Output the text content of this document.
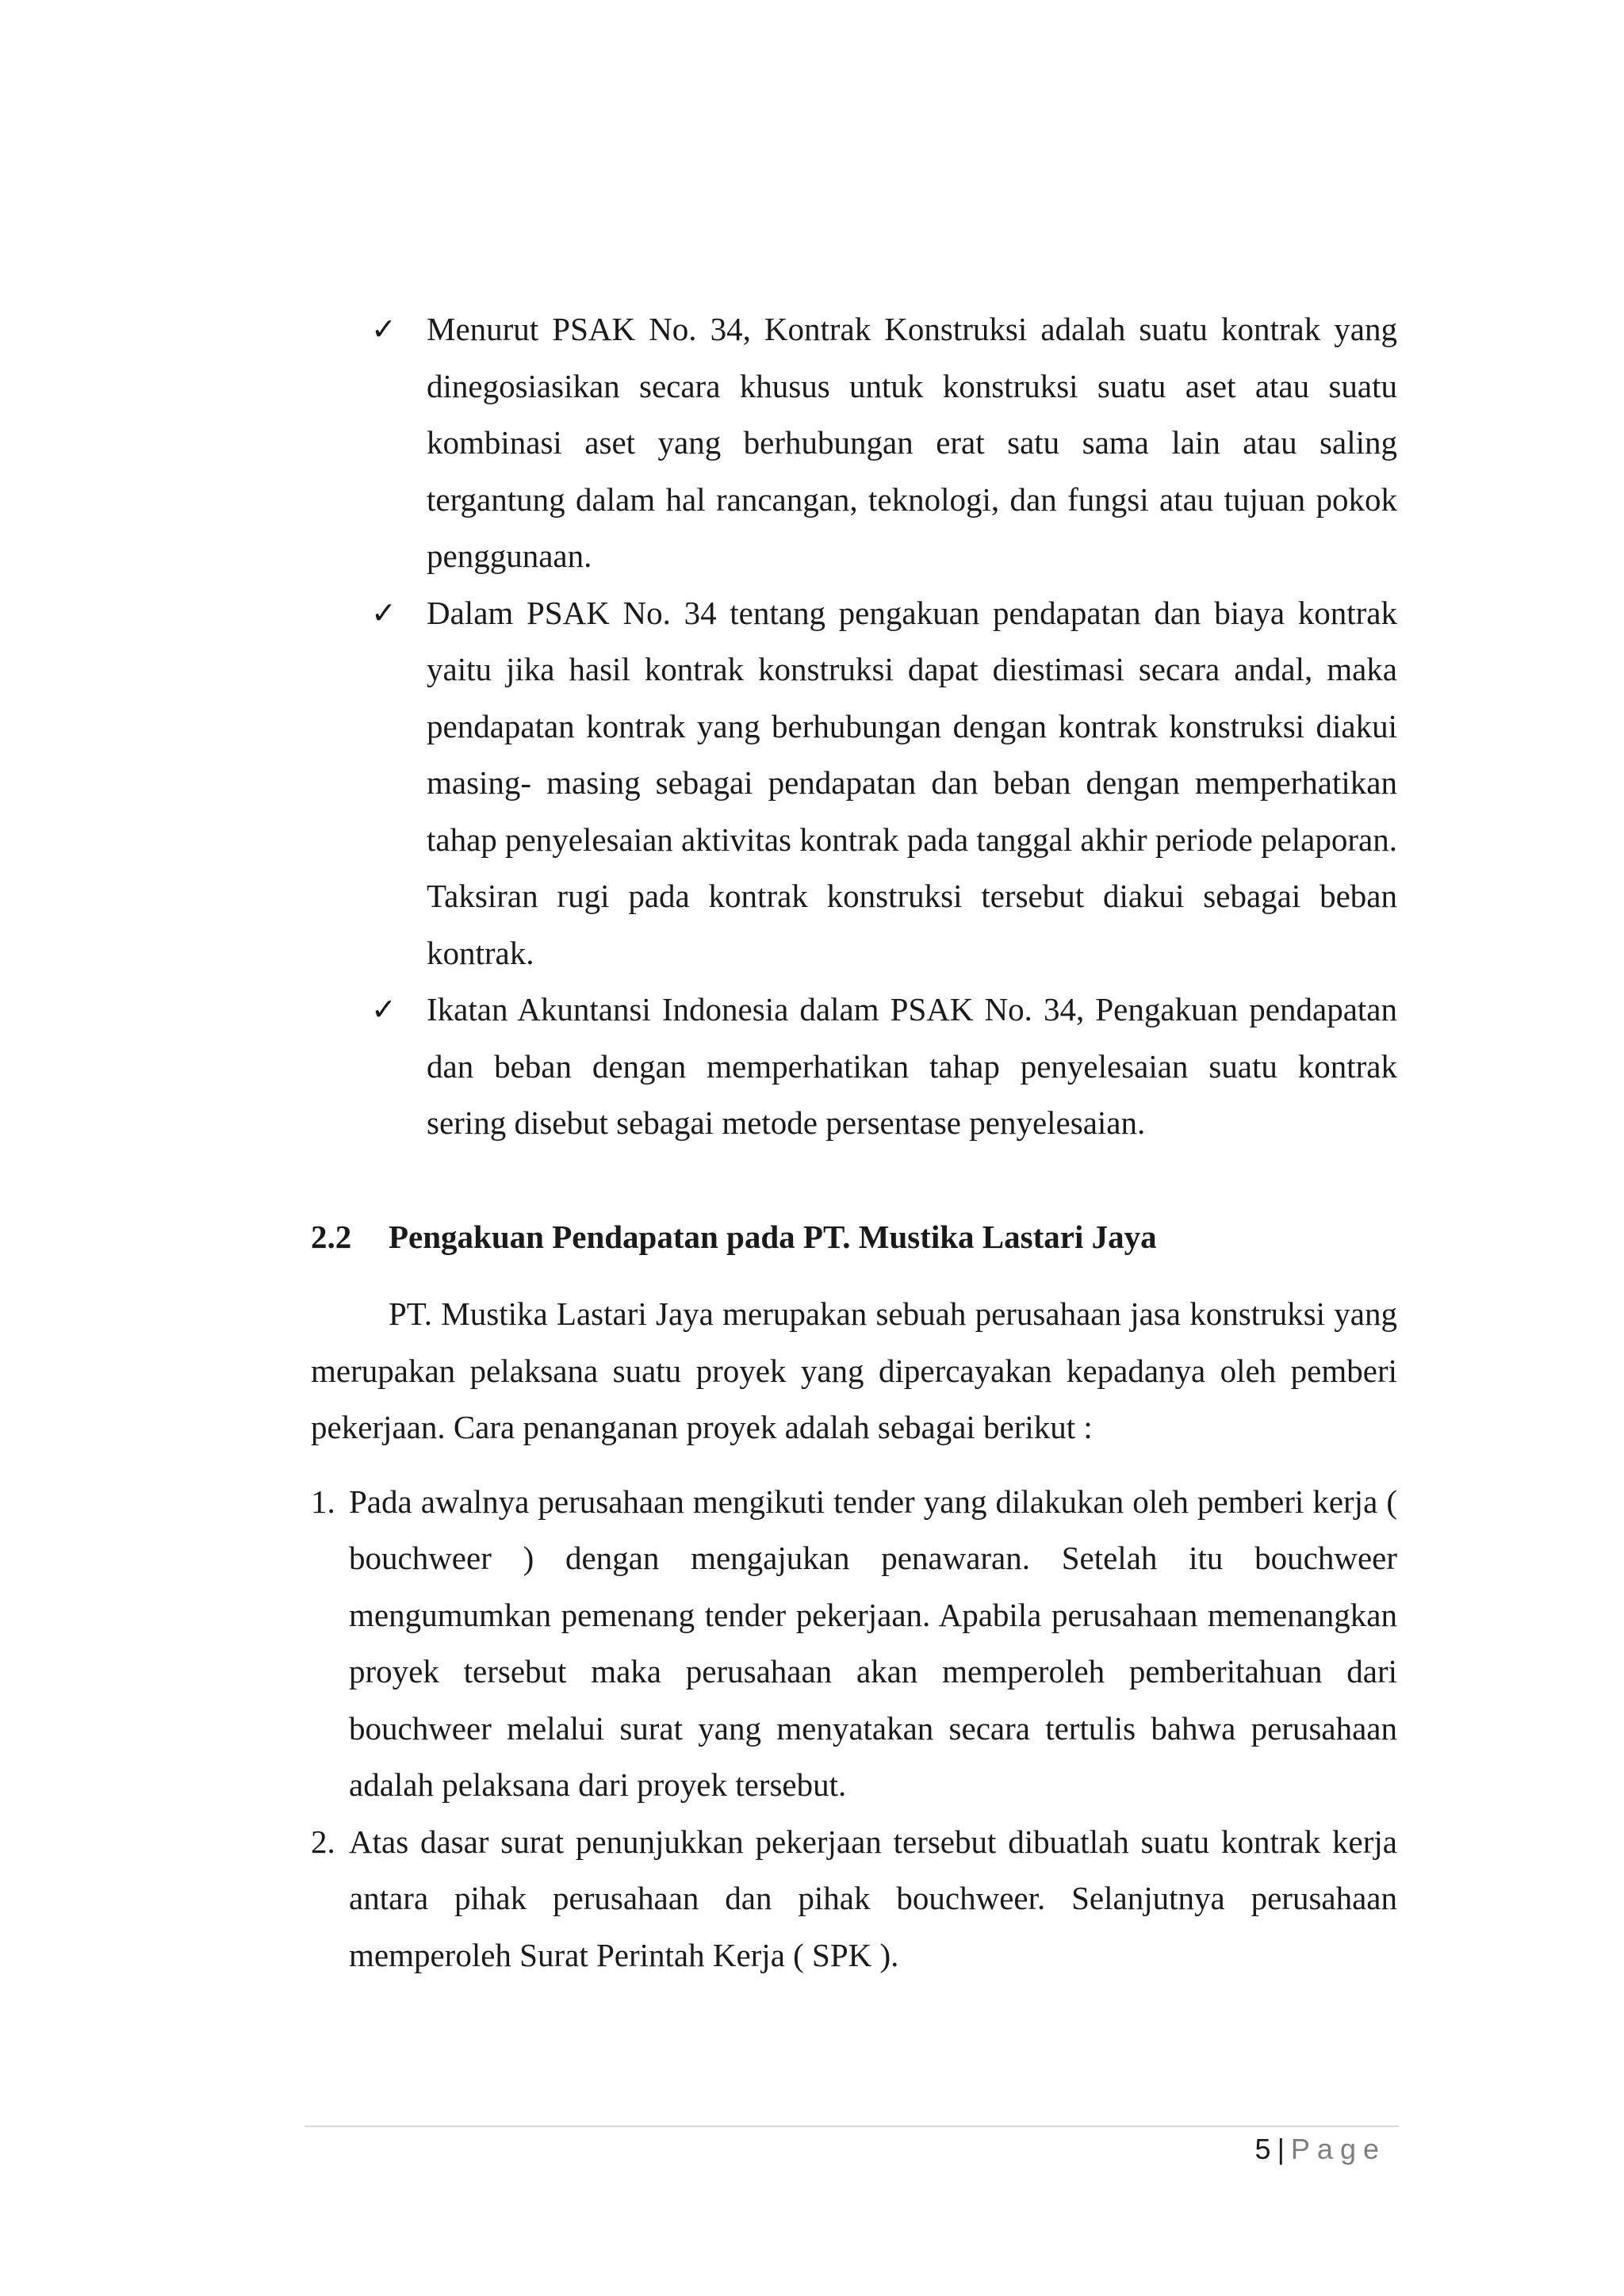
✓ Menurut PSAK No. 34, Kontrak Konstruksi adalah suatu kontrak yang dinegosiasikan secara khusus untuk konstruksi suatu aset atau suatu kombinasi aset yang berhubungan erat satu sama lain atau saling tergantung dalam hal rancangan, teknologi, dan fungsi atau tujuan pokok penggunaan.
✓ Dalam PSAK No. 34 tentang pengakuan pendapatan dan biaya kontrak yaitu jika hasil kontrak konstruksi dapat diestimasi secara andal, maka pendapatan kontrak yang berhubungan dengan kontrak konstruksi diakui masing- masing sebagai pendapatan dan beban dengan memperhatikan tahap penyelesaian aktivitas kontrak pada tanggal akhir periode pelaporan. Taksiran rugi pada kontrak konstruksi tersebut diakui sebagai beban kontrak.
✓ Ikatan Akuntansi Indonesia dalam PSAK No. 34, Pengakuan pendapatan dan beban dengan memperhatikan tahap penyelesaian suatu kontrak sering disebut sebagai metode persentase penyelesaian.
2.2	Pengakuan Pendapatan pada PT. Mustika Lastari Jaya

PT. Mustika Lastari Jaya merupakan sebuah perusahaan jasa konstruksi yang merupakan pelaksana suatu proyek yang dipercayakan kepadanya oleh pemberi pekerjaan. Cara penanganan proyek adalah sebagai berikut :

1. Pada awalnya perusahaan mengikuti tender yang dilakukan oleh pemberi kerja ( bouchweer ) dengan mengajukan penawaran. Setelah itu bouchweer mengumumkan pemenang tender pekerjaan. Apabila perusahaan memenangkan proyek tersebut maka perusahaan akan memperoleh pemberitahuan dari bouchweer melalui surat yang menyatakan secara tertulis bahwa perusahaan adalah pelaksana dari proyek tersebut.
2. Atas dasar surat penunjukkan pekerjaan tersebut dibuatlah suatu kontrak kerja antara pihak perusahaan dan pihak bouchweer. Selanjutnya perusahaan memperoleh Surat Perintah Kerja ( SPK ).
5 | Page
